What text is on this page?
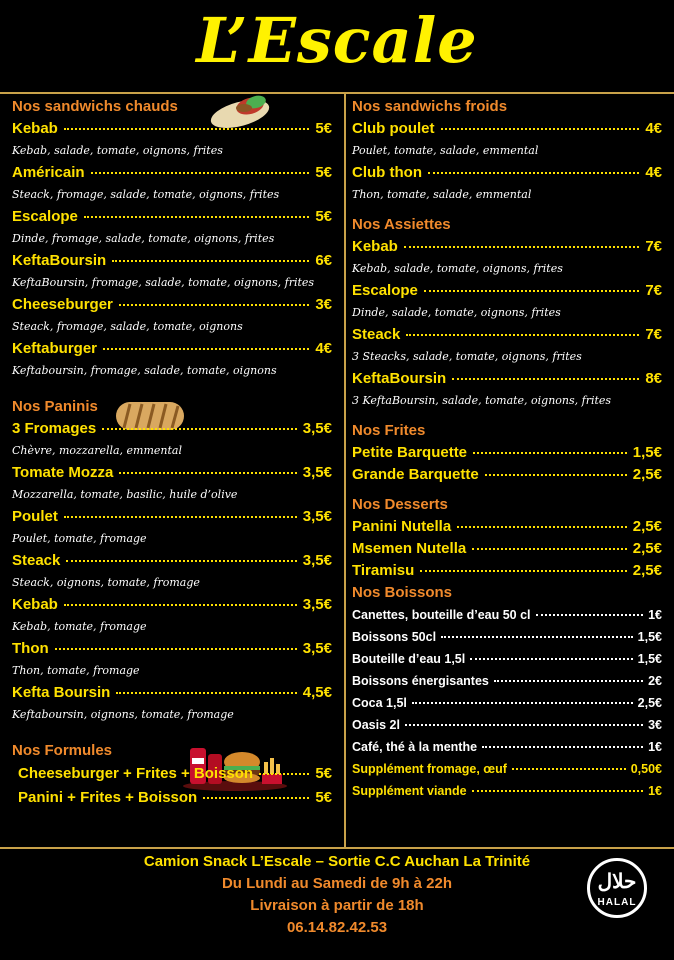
L’Escale
Nos sandwichs chauds
Kebab	5€
Kebab, salade, tomate, oignons, frites
Américain	5€
Steack, fromage, salade, tomate, oignons, frites
Escalope	5€
Dinde, fromage, salade, tomate, oignons, frites
KeftaBoursin	6€
KeftaBoursin, fromage, salade, tomate, oignons, frites
Cheeseburger	3€
Steack, fromage, salade, tomate, oignons
Keftaburger	4€
Keftaboursin, fromage, salade, tomate, oignons
Nos Paninis
3 Fromages	3,5€
Chèvre, mozzarella, emmental
Tomate Mozza	3,5€
Mozzarella, tomate, basilic, huile d’olive
Poulet	3,5€
Poulet, tomate, fromage
Steack	3,5€
Steack, oignons, tomate, fromage
Kebab	3,5€
Kebab, tomate, fromage
Thon	3,5€
Thon, tomate, fromage
Kefta Boursin	4,5€
Keftaboursin, oignons, tomate, fromage
Nos Formules
Cheeseburger + Frites + Boisson	5€
Panini + Frites + Boisson	5€
Nos sandwichs froids
Club poulet	4€
Poulet, tomate, salade, emmental
Club thon	4€
Thon, tomate, salade, emmental
Nos Assiettes
Kebab	7€
Kebab, salade, tomate, oignons, frites
Escalope	7€
Dinde, salade, tomate, oignons, frites
Steack	7€
3 Steacks, salade, tomate, oignons, frites
KeftaBoursin	8€
3 KeftaBoursin, salade, tomate, oignons, frites
Nos Frites
Petite Barquette	1,5€
Grande Barquette	2,5€
Nos Desserts
Panini Nutella	2,5€
Msemen Nutella	2,5€
Tiramisu	2,5€
Nos Boissons
Canettes, bouteille d’eau 50 cl	1€
Boissons 50cl	1,5€
Bouteille d’eau 1,5l	1,5€
Boissons énergisantes	2€
Coca 1,5l	2,5€
Oasis 2l	3€
Café, thé à la menthe	1€
Supplément fromage, œuf	0,50€
Supplément viande	1€
Camion Snack L’Escale – Sortie C.C Auchan La Trinité
Du Lundi au Samedi de 9h à 22h
Livraison à partir de 18h
06.14.82.42.53
حلال
HALAL
